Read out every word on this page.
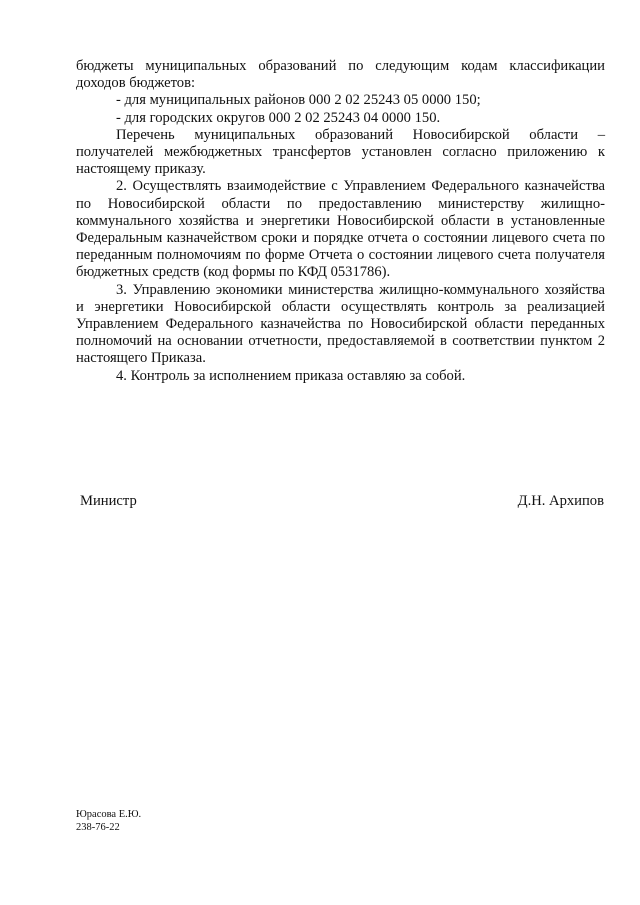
бюджеты муниципальных образований по следующим кодам классификации доходов бюджетов:

- для муниципальных районов 000 2 02 25243 05 0000 150;

- для городских округов 000 2 02 25243 04 0000 150.

Перечень муниципальных образований Новосибирской области – получателей межбюджетных трансфертов установлен согласно приложению к настоящему приказу.

2. Осуществлять взаимодействие с Управлением Федерального казначейства по Новосибирской области по предоставлению министерству жилищно-коммунального хозяйства и энергетики Новосибирской области в установленные Федеральным казначейством сроки и порядке отчета о состоянии лицевого счета по переданным полномочиям по форме Отчета о состоянии лицевого счета получателя бюджетных средств (код формы по КФД 0531786).

3. Управлению экономики министерства жилищно-коммунального хозяйства и энергетики Новосибирской области осуществлять контроль за реализацией Управлением Федерального казначейства по Новосибирской области переданных полномочий на основании отчетности, предоставляемой в соответствии пунктом 2 настоящего Приказа.

4. Контроль за исполнением приказа оставляю за собой.

Министр	Д.Н. Архипов
Юрасова Е.Ю.
238-76-22
